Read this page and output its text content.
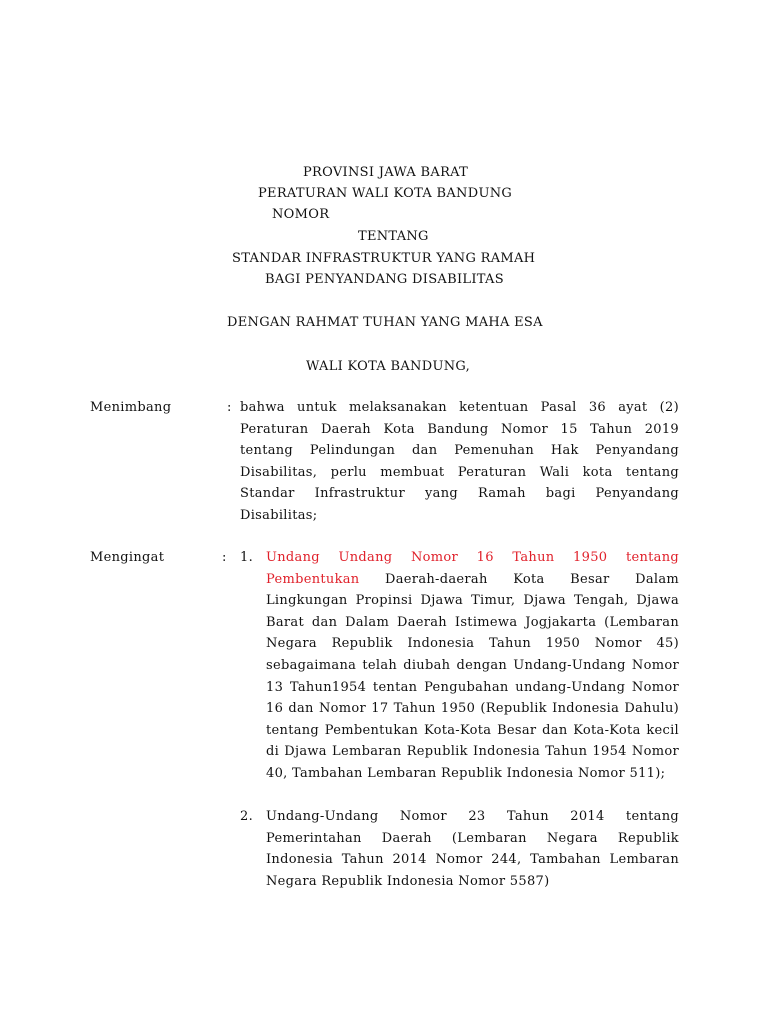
PROVINSI JAWA BARAT
PERATURAN WALI KOTA BANDUNG
NOMOR
TENTANG
STANDAR INFRASTRUKTUR YANG RAMAH
BAGI PENYANDANG DISABILITAS
DENGAN RAHMAT TUHAN YANG MAHA ESA
WALI KOTA BANDUNG,
Menimbang	: bahwa untuk melaksanakan ketentuan Pasal 36 ayat (2) Peraturan Daerah Kota Bandung Nomor 15 Tahun 2019 tentang Pelindungan dan Pemenuhan Hak Penyandang Disabilitas, perlu membuat Peraturan Wali kota tentang Standar Infrastruktur yang Ramah bagi Penyandang Disabilitas;
Mengingat	: 1. Undang Undang Nomor 16 Tahun 1950 tentang Pembentukan Daerah-daerah Kota Besar Dalam Lingkungan Propinsi Djawa Timur, Djawa Tengah, Djawa Barat dan Dalam Daerah Istimewa Jogjakarta (Lembaran Negara Republik Indonesia Tahun 1950 Nomor 45) sebagaimana telah diubah dengan Undang-Undang Nomor 13 Tahun1954 tentan Pengubahan undang-Undang Nomor 16 dan Nomor 17 Tahun 1950 (Republik Indonesia Dahulu) tentang Pembentukan Kota-Kota Besar dan Kota-Kota kecil di Djawa Lembaran Republik Indonesia Tahun 1954 Nomor 40, Tambahan Lembaran Republik Indonesia Nomor 511);
2. Undang-Undang Nomor 23 Tahun 2014 tentang Pemerintahan Daerah (Lembaran Negara Republik Indonesia Tahun 2014 Nomor 244, Tambahan Lembaran Negara Republik Indonesia Nomor 5587)
